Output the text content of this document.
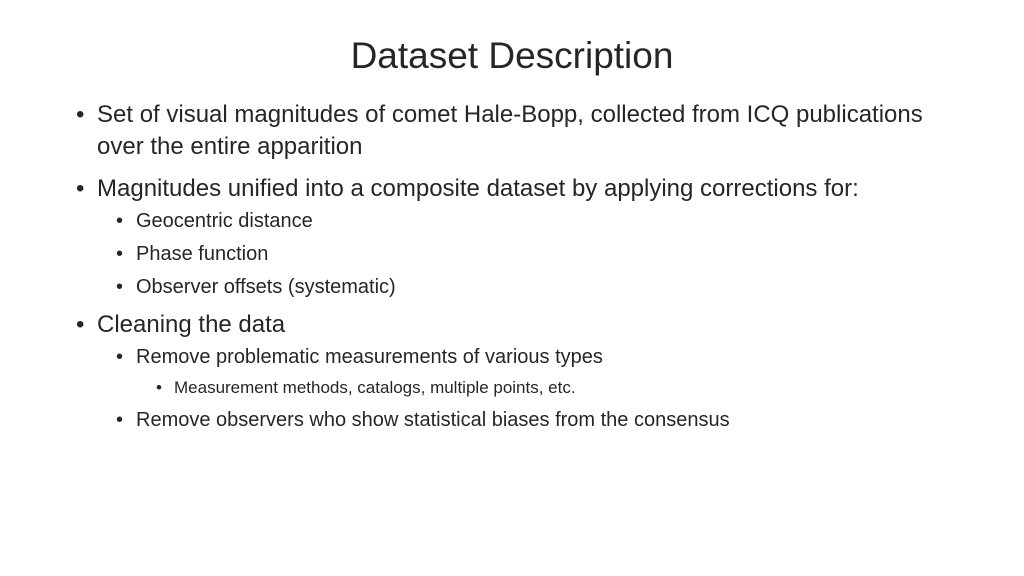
Dataset Description
• Set of visual magnitudes of comet Hale-Bopp, collected from ICQ publications over the entire apparition
• Magnitudes unified into a composite dataset by applying corrections for:
• Geocentric distance
• Phase function
• Observer offsets (systematic)
• Cleaning the data
• Remove problematic measurements of various types
• Measurement methods, catalogs, multiple points, etc.
• Remove observers who show statistical biases from the consensus
